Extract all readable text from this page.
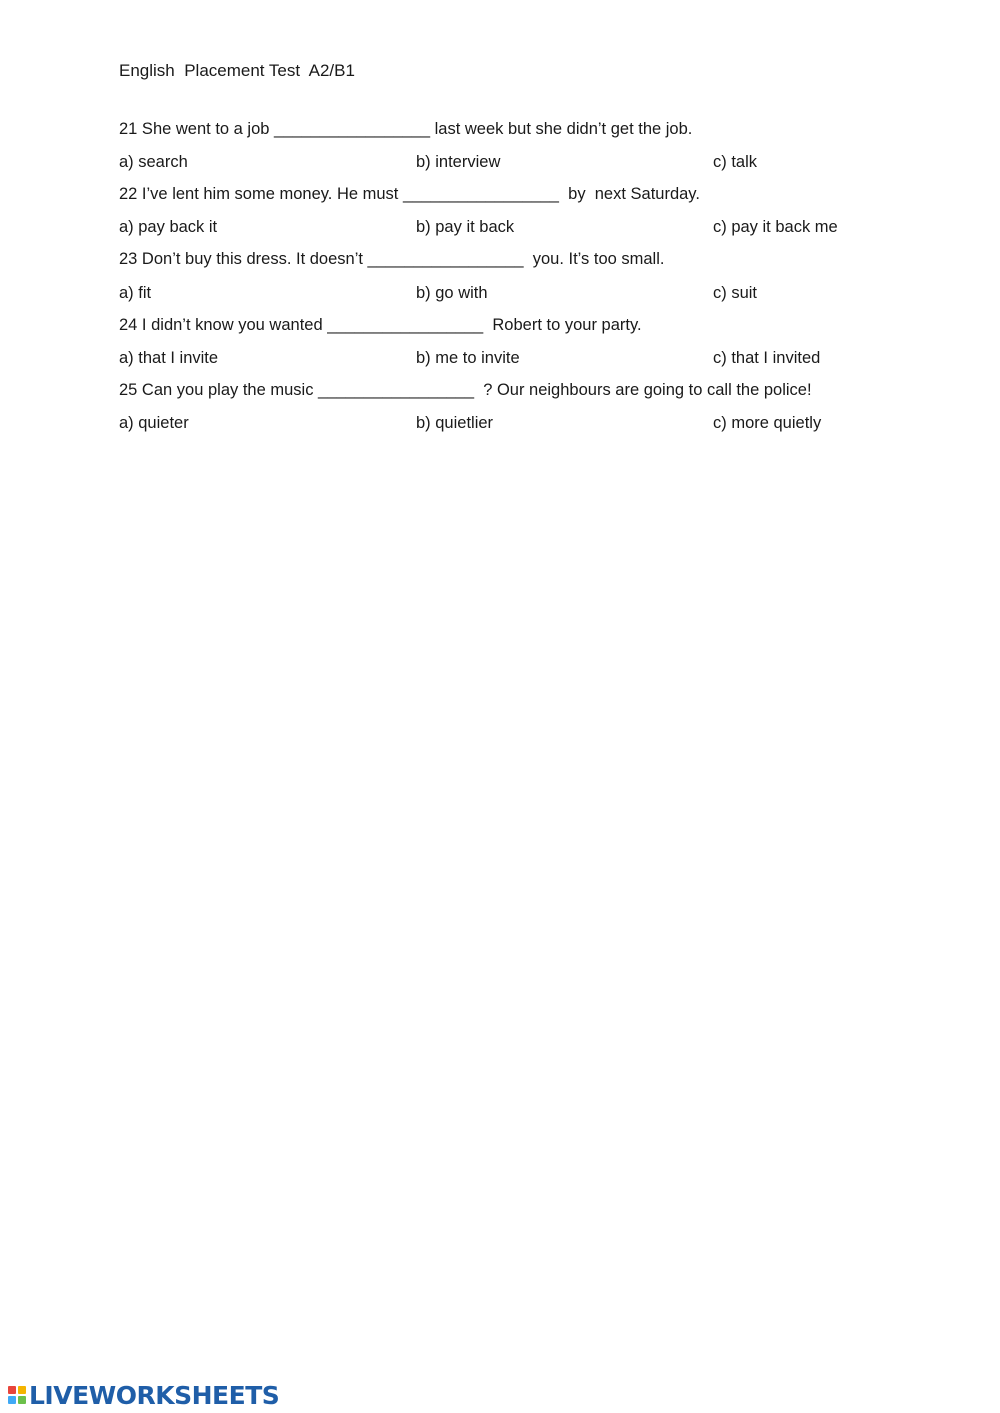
English  Placement Test  A2/B1
21 She went to a job _________________ last week but she didn’t get the job.
a) search	b) interview	c) talk
22 I’ve lent him some money. He must _________________  by  next Saturday.
a) pay back it	b) pay it back	c) pay it back me
23 Don’t buy this dress. It doesn’t _________________  you. It’s too small.
a) fit	b) go with	c) suit
24 I didn’t know you wanted _________________  Robert to your party.
a) that I invite	b) me to invite	c) that I invited
25 Can you play the music _________________  ? Our neighbours are going to call the police!
a) quieter	b) quietlier	c) more quietly
LIVEWORKSHEETS
